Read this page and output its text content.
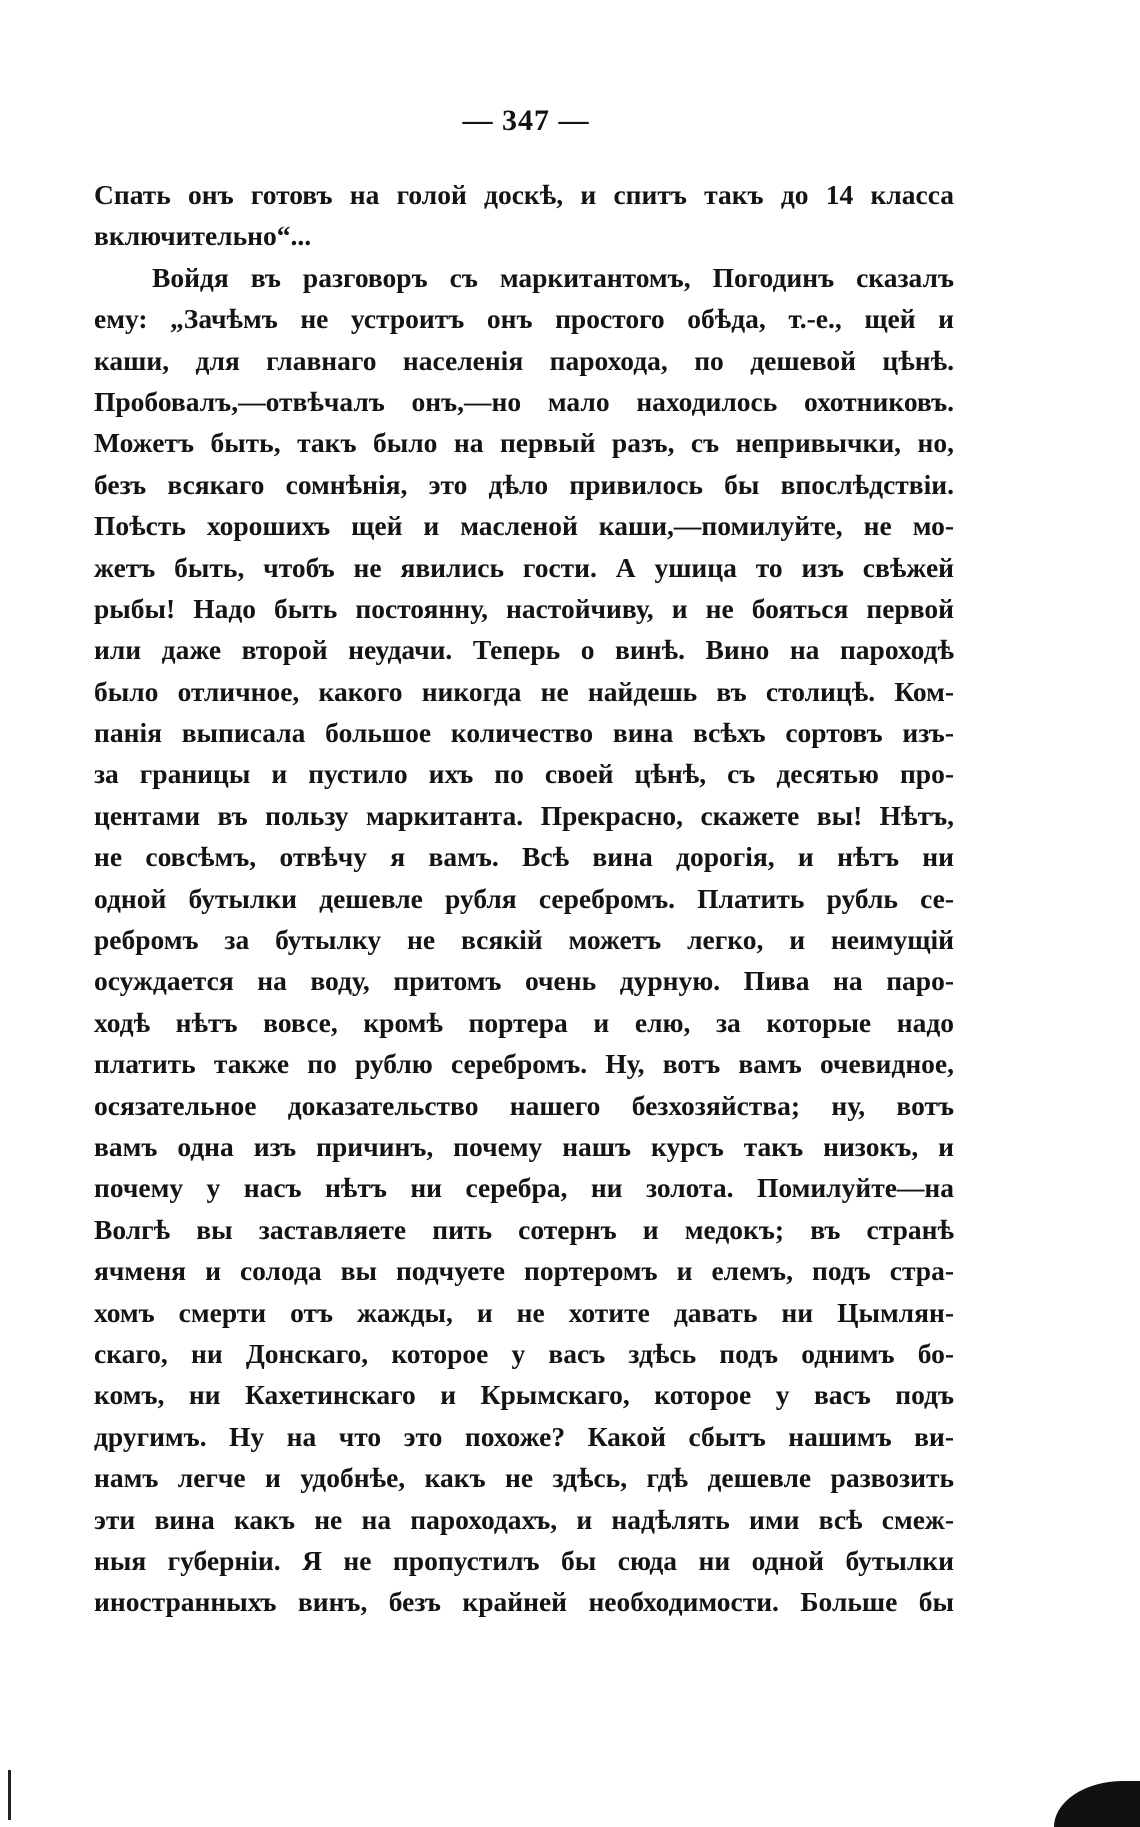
— 347 —
Спать онъ готовъ на голой доскѣ, и спитъ такъ до 14 класса
включительно“...
Войдя въ разговоръ съ маркитантомъ, Погодинъ сказалъ
ему: „Зачѣмъ не устроитъ онъ простого обѣда, т.-е., щей и
каши, для главнаго населенія парохода, по дешевой цѣнѣ.
Пробовалъ,—отвѣчалъ онъ,—но мало находилось охотниковъ.
Можетъ быть, такъ было на первый разъ, съ непривычки, но,
безъ всякаго сомнѣнія, это дѣло привилось бы впослѣдствіи.
Поѣсть хорошихъ щей и масленой каши,—помилуйте, не мо-
жетъ быть, чтобъ не явились гости. А ушица то изъ свѣжей
рыбы! Надо быть постоянну, настойчиву, и не бояться первой
или даже второй неудачи. Теперь о винѣ. Вино на пароходѣ
было отличное, какого никогда не найдешь въ столицѣ. Ком-
панія выписала большое количество вина всѣхъ сортовъ изъ-
за границы и пустило ихъ по своей цѣнѣ, съ десятью про-
центами въ пользу маркитанта. Прекрасно, скажете вы! Нѣтъ,
не совсѣмъ, отвѣчу я вамъ. Всѣ вина дорогія, и нѣтъ ни
одной бутылки дешевле рубля серебромъ. Платить рубль се-
ребромъ за бутылку не всякій можетъ легко, и неимущій
осуждается на воду, притомъ очень дурную. Пива на паро-
ходѣ нѣтъ вовсе, кромѣ портера и елю, за которые надо
платить также по рублю серебромъ. Ну, вотъ вамъ очевидное,
осязательное доказательство нашего безхозяйства; ну, вотъ
вамъ одна изъ причинъ, почему нашъ курсъ такъ низокъ, и
почему у насъ нѣтъ ни серебра, ни золота. Помилуйте—на
Волгѣ вы заставляете пить сотернъ и медокъ; въ странѣ
ячменя и солода вы подчуете портеромъ и елемъ, подъ стра-
хомъ смерти отъ жажды, и не хотите давать ни Цымлян-
скаго, ни Донскаго, которое у васъ здѣсь подъ однимъ бо-
комъ, ни Кахетинскаго и Крымскаго, которое у васъ подъ
другимъ. Ну на что это похоже? Какой сбытъ нашимъ ви-
намъ легче и удобнѣе, какъ не здѣсь, гдѣ дешевле развозить
эти вина какъ не на пароходахъ, и надѣлять ими всѣ смеж-
ныя губерніи. Я не пропустилъ бы сюда ни одной бутылки
иностранныхъ винъ, безъ крайней необходимости. Больше бы
